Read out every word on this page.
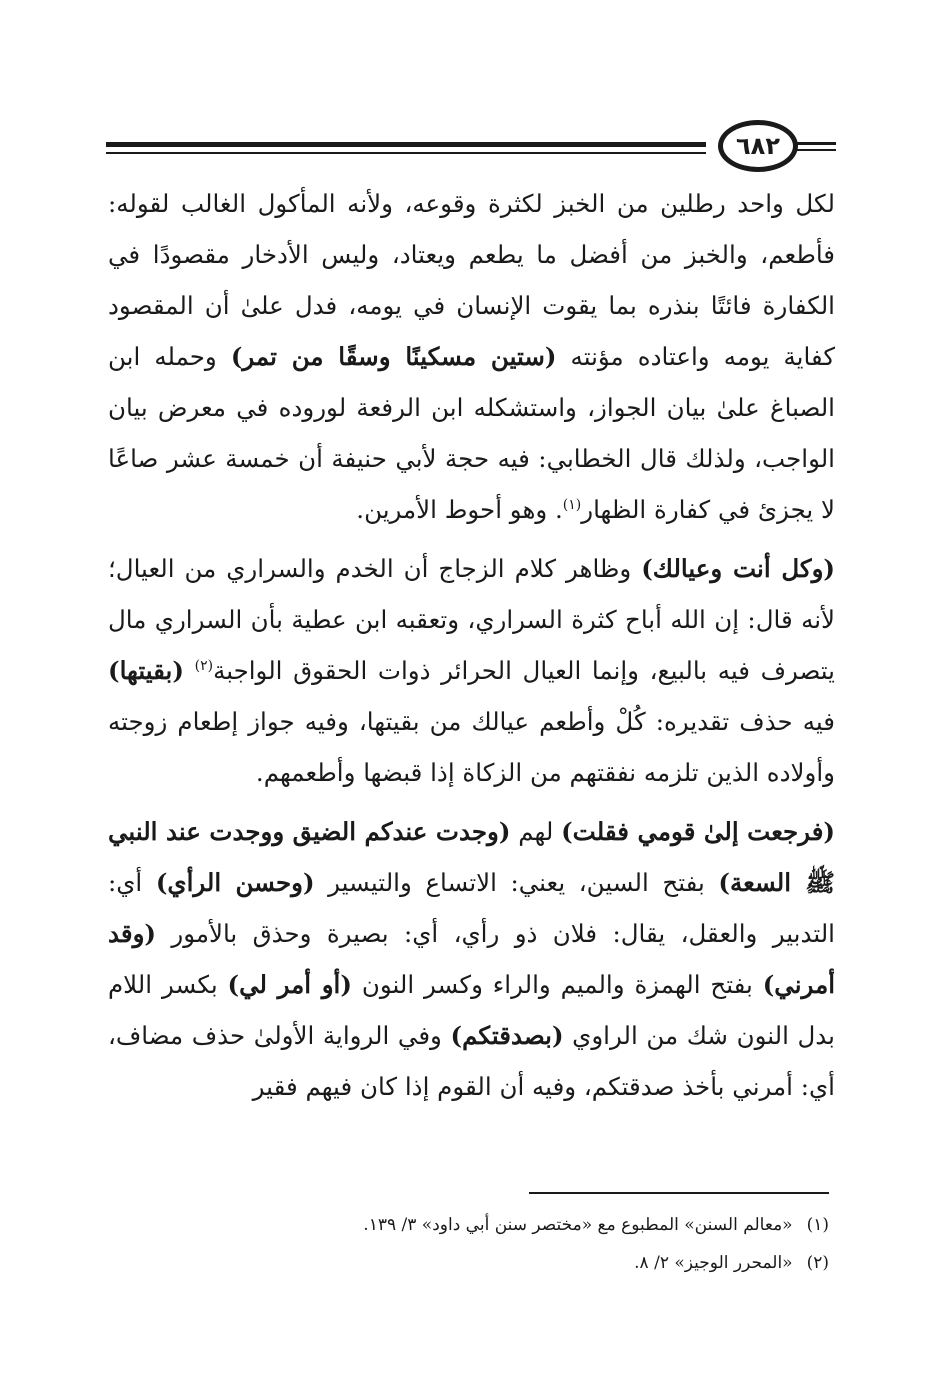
٦٨٢

لكل واحد رطلين من الخبز لكثرة وقوعه، ولأنه المأكول الغالب لقوله: فأطعم، والخبز من أفضل ما يطعم ويعتاد، وليس الأدخار مقصودًا في الكفارة فائتًا بنذره بما يقوت الإنسان في يومه، فدل علىٰ أن المقصود كفاية يومه واعتاده مؤنته (ستين مسكينًا وسقًا من تمر) وحمله ابن الصباغ علىٰ بيان الجواز، واستشكله ابن الرفعة لوروده في معرض بيان الواجب، ولذلك قال الخطابي: فيه حجة لأبي حنيفة أن خمسة عشر صاعًا لا يجزئ في كفارة الظهار$^{(١)}$. وهو أحوط الأمرين.

(وكل أنت وعيالك) وظاهر كلام الزجاج أن الخدم والسراري من العيال؛ لأنه قال: إن الله أباح كثرة السراري، وتعقبه ابن عطية بأن السراري مال يتصرف فيه بالبيع، وإنما العيال الحرائر ذوات الحقوق الواجبة$^{(٢)}$ (بقيتها) فيه حذف تقديره: كُلْ وأطعم عيالك من بقيتها، وفيه جواز إطعام زوجته وأولاده الذين تلزمه نفقتهم من الزكاة إذا قبضها وأطعمهم.

(فرجعت إلىٰ قومي فقلت) لهم (وجدت عندكم الضيق ووجدت عند النبي ﷺ السعة) بفتح السين، يعني: الاتساع والتيسير (وحسن الرأي) أي: التدبير والعقل، يقال: فلان ذو رأي، أي: بصيرة وحذق بالأمور (وقد أمرني) بفتح الهمزة والميم والراء وكسر النون (أو أمر لي) بكسر اللام بدل النون شك من الراوي (بصدقتكم) وفي الرواية الأولىٰ حذف مضاف، أي: أمرني بأخذ صدقتكم، وفيه أن القوم إذا كان فيهم فقير

(١)«معالم السنن» المطبوع مع «مختصر سنن أبي داود» ٣/ ١٣٩.
(٢)«المحرر الوجيز» ٢/ ٨.
